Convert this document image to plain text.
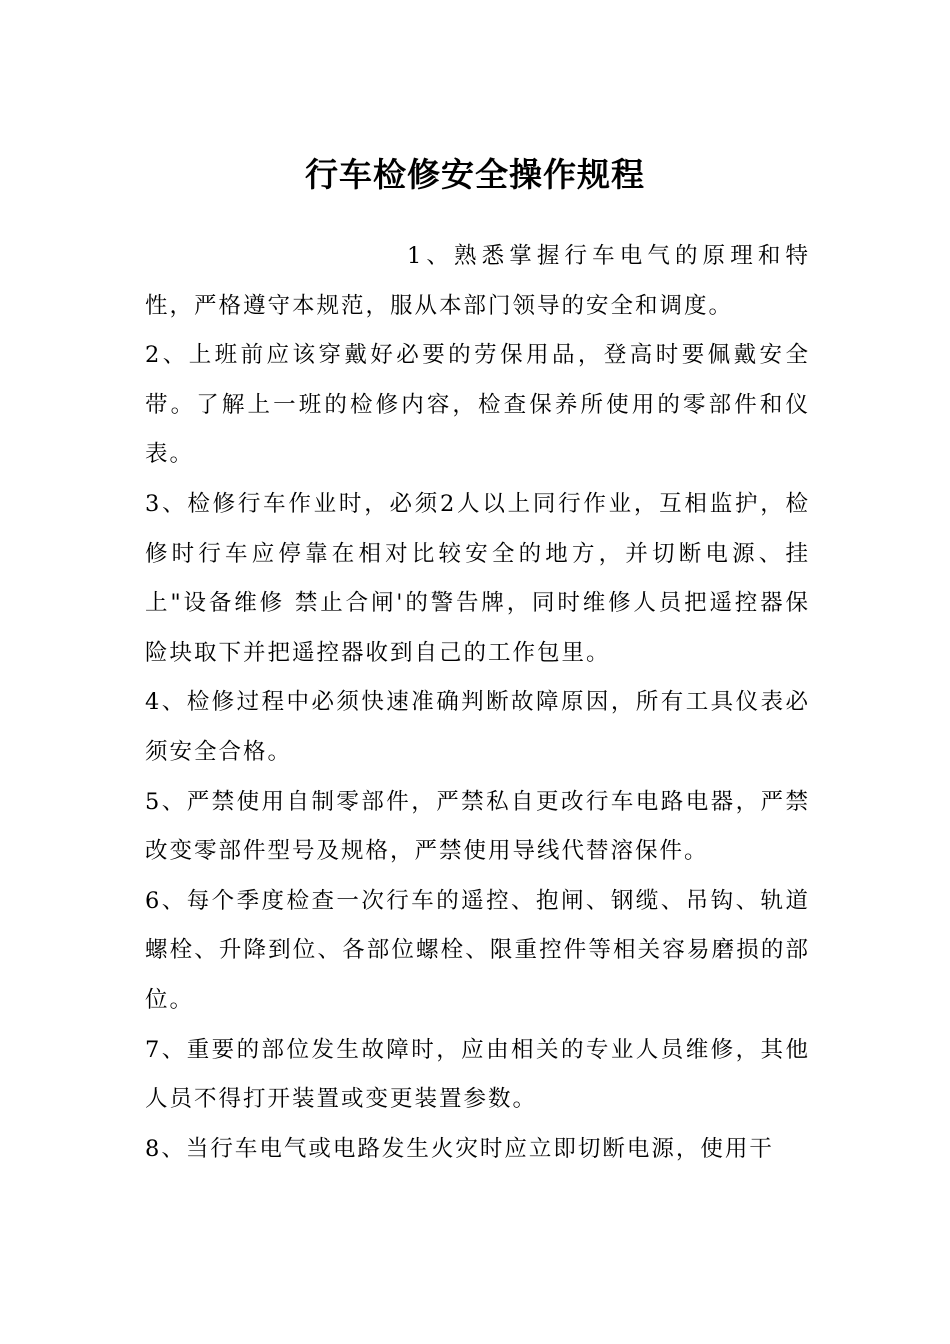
行车检修安全操作规程

1、熟悉掌握行车电气的原理和特性，严格遵守本规范，服从本部门领导的安全和调度。

2、上班前应该穿戴好必要的劳保用品，登高时要佩戴安全带。了解上一班的检修内容，检查保养所使用的零部件和仪表。

3、检修行车作业时，必须2人以上同行作业，互相监护，检修时行车应停靠在相对比较安全的地方，并切断电源、挂上"设备维修 禁止合闸'的警告牌，同时维修人员把遥控器保险块取下并把遥控器收到自己的工作包里。

4、检修过程中必须快速准确判断故障原因，所有工具仪表必须安全合格。

5、严禁使用自制零部件，严禁私自更改行车电路电器，严禁改变零部件型号及规格，严禁使用导线代替溶保件。

6、每个季度检查一次行车的遥控、抱闸、钢缆、吊钩、轨道螺栓、升降到位、各部位螺栓、限重控件等相关容易磨损的部位。

7、重要的部位发生故障时，应由相关的专业人员维修，其他人员不得打开装置或变更装置参数。

8、当行车电气或电路发生火灾时应立即切断电源，使用干
